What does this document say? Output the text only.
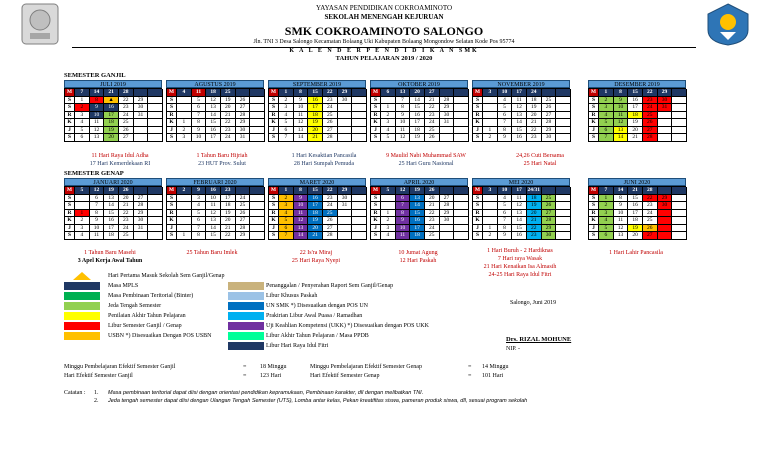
YAYASAN PENDIDIKAN COKROAMINOTO
SEKOLAH MENENGAH KEJURUAN
SMK COKROAMINOTO SALONGO
Jln. TNI 3 Desa Salongo Kecamatan Bolaang Uki Kabupaten Bolaang Mongondow Selatan Kode Pos 95774
K A L E N D E R P E N D I D I K A N SMK
TAHUN PELAJARAN 2019 / 2020
SEMESTER GANJIL
SEMESTER GENAP
JULI 2019
M	7	14	21	28
S	1	8	▲	22	29
S	2	9	16	23	30
R	3	10	17	24	31
K	4	11	18	25
J	5	12	19	26
S	6	13	20	27
AGUSTUS 2019
M	4	11	18	25
S	5	12	19	26
S	6	13	20	27
R	7	14	21	28
K	1	8	15	22	29
J	2	9	16	23	30
S	3	10	17	24	31
SEPTEMBER 2019
M	1	8	15	22	29
S	2	9	16	23	30
S	3	10	17	24
R	4	11	18	25
K	5	12	19	26
J	6	13	20	27
S	7	14	21	28
OKTOBER 2019
M	6	13	20	27
S	7	14	21	28
S	1	8	15	22	29
R	2	9	16	23	30
K	3	10	17	24	31
J	4	11	18	25
S	5	12	19	26
NOVEMBER 2019
M	3	10	17	24
S	4	11	18	25
S	5	12	19	26
R	6	13	20	27
K	7	14	21	28
J	1	8	15	22	29
S	2	9	16	23	30
DESEMBER 2019
M	1	8	15	22	29
S	2	9	16	23	30
S	3	10	17	24	31
R	4	11	18	25
K	5	12	19	26
J	6	13	20	27
S	7	14	21	28
JANUARI 2020
M	5	12	19	26
S	6	13	20	27
S	7	14	21	28
R	1	8	15	22	29
K	2	9	16	23	30
J	3	10	17	24	31
S	4	11	18	25
FEBRUARI 2020
M	2	9	16	23
S	3	10	17	24
S	4	11	18	25
R	5	12	19	26
K	6	13	20	27
J	7	14	21	28
S	1	8	15	22	29
MARET 2020
M	1	8	15	22	29
S	2	9	16	23	30
S	3	10	17	24	31
R	4	11	18	25
K	5	12	19	26
J	6	13	20	27
S	7	14	21	28
APRIL 2020
M	5	12	19	26
S	6	13	20	27
S	7	14	21	28
R	1	8	15	22	29
K	2	9	16	23	30
J	3	10	17	24
S	4	11	18	25
MEI 2020
M	3	10	17	24/31
S	4	11	18	25
S	5	12	19	26
R	6	13	20	27
K	7	14	21	28
J	1	8	15	22	29
S	2	9	16	23	30
JUNI 2020
M	7	14	21	28
S	1	8	15	22	29
S	2	9	16	23	30
R	3	10	17	24
K	4	11	18	25
J	5	12	19	26
S	6	13	20	27
11 Hari Raya Idul Adha
17 Hari Kemerdekaan RI
1 Tahun Baru Hijriah
23 HUT Prov. Sulut
1 Hari Kesaktian Pancasila
28 Hari Sumpah Pemuda
9 Maulid Nabi Muhammad SAW
25 Hari Guru Nasional
24,26 Cuti Bersama
25 Hari Natal
1 Tahun Baru Masehi
3 Apel Kerja Awal Tahun
25 Tahun Baru Imlek	22 Is'ra Miraj
25 Hari Raya Nyepi
10 Jumat Agung
12 Hari Paskah
1 Hari Buruh - 2 Hardiknas
7 Hari raya Wasak
21 Hari Kenaikan Isa Almasih
24-25 Hari Raya Idul Fitri
1 Hari Lahir Pancasila
Hari Pertama Masuk Sekolah Sem Ganjil/Genap
Masa MPLS
Masa Pembinaan Teritorial (Binter)
Jeda Tengah Semester
Penilaian Akhir Tahun Pelajaran
Libur Semester Ganjil / Genap
USBN *) Disesuaikan Dengan POS USBN
Penanggalan / Penyerahan Raport Sem Ganjil/Genap
Libur Khusus Paskah
UN SMK *) Disesuaikan dengan POS UN
Prakirian Libur Awal Puasa / Ramadhan
Uji Keahlian Kompetensi (UKK) *) Disesuaikan dengan POS UKK
Libur Akhir Tahun Pelajaran / Masa PPDB
Libur Hari Raya Idul Fitri
Salongo, Juni 2019
Drs. RIZAL MOHUNE
NIP. -
Minggu Pembelajaran Efektif Semester Ganjil	= 18 Minggu
Hari Efektif Semester Ganjil	= 123 Hari
Minggu Pembelajaran Efektif Semester Genap	= 14 Minggu
Hari Efektif Semester Genap	= 101 Hari
Catatan : 1. Masa pembinaan teritorial dapat diisi dengan orientasi pendidikan kepramukaan, Pembinaan karakter, dll dengan melibatkan TNI.
2. Jeda tengah semester dapat diisi dengan Ulangan Tengah Semester (UTS), Lomba antar kelas, Pekan kreatifitas siswa, pameran produk siswa, dll, sesuai program sekolah
